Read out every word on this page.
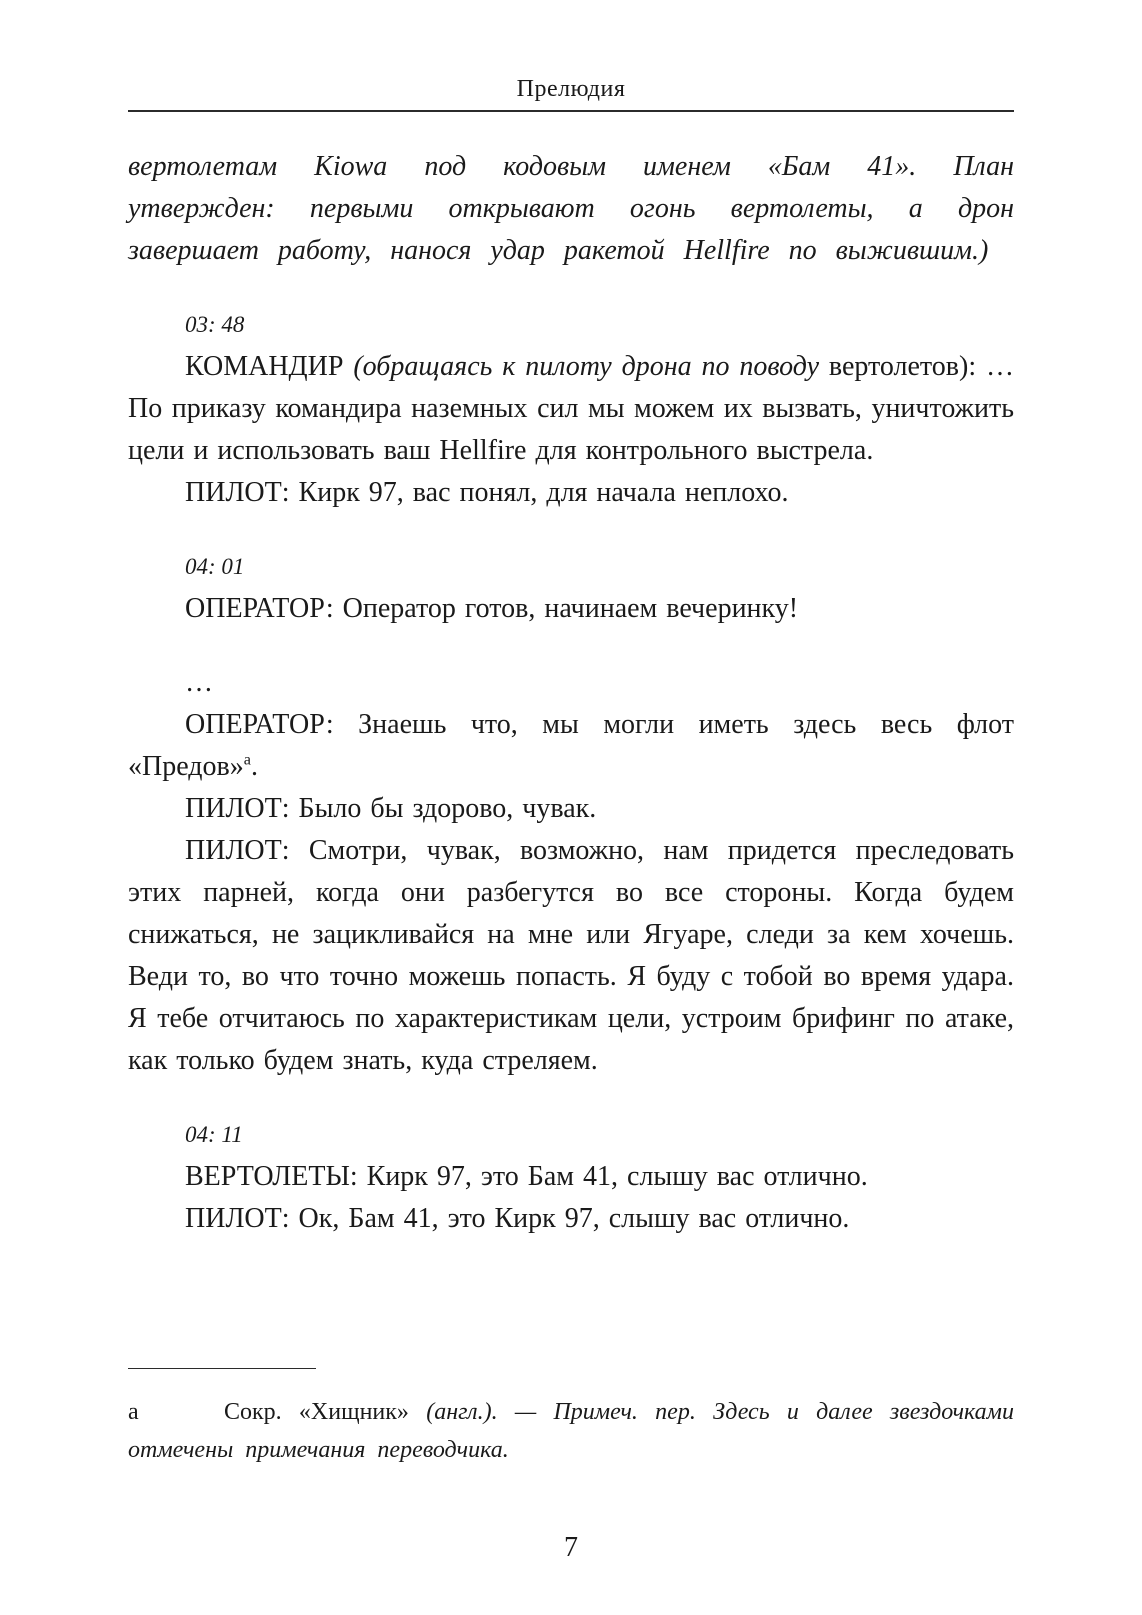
Прелюдия

вертолетам Kiowa под кодовым именем «Бам 41». План утвержден: первыми открывают огонь вертолеты, а дрон завершает работу, нанося удар ракетой Hellfire по выжившим.)

03: 48

КОМАНДИР (обращаясь к пилоту дрона по поводу вертолетов): …По приказу командира наземных сил мы можем их вызвать, уничтожить цели и использовать ваш Hellfire для контрольного выстрела.

ПИЛОТ: Кирк 97, вас понял, для начала неплохо.

04: 01

ОПЕРАТОР: Оператор готов, начинаем вечеринку!

…

ОПЕРАТОР: Знаешь что, мы могли иметь здесь весь флот «Предов»$^а$.

ПИЛОТ: Было бы здорово, чувак.

ПИЛОТ: Смотри, чувак, возможно, нам придется преследовать этих парней, когда они разбегутся во все стороны. Когда будем снижаться, не зацикливайся на мне или Ягуаре, следи за кем хочешь. Веди то, во что точно можешь попасть. Я буду с тобой во время удара. Я тебе отчитаюсь по характеристикам цели, устроим брифинг по атаке, как только будем знать, куда стреляем.

04: 11

ВЕРТОЛЕТЫ: Кирк 97, это Бам 41, слышу вас отлично.

ПИЛОТ: Ок, Бам 41, это Кирк 97, слышу вас отлично.

а	Сокр. «Хищник» (англ.). — Примеч. пер. Здесь и далее звездочками отмечены примечания переводчика.

7
